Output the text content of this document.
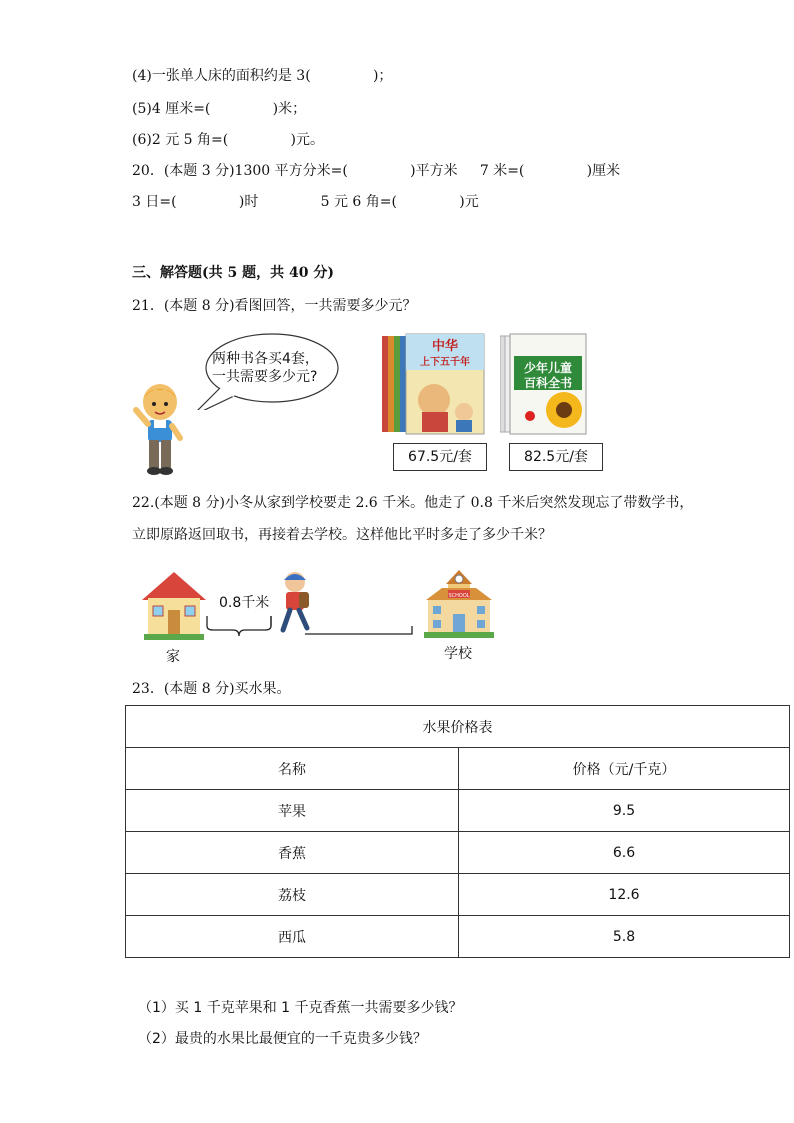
(4)一张单人床的面积约是 3(              )；
(5)4 厘米=(              )米；
(6)2 元 5 角=(              )元。
20．(本题 3 分)1300 平方分米=(              )平方米     7 米=(              )厘米
3 日=(              )时              5 元 6 角=(              )元
三、解答题(共 5 题，共 40 分)
21．(本题 8 分)看图回答，一共需要多少元？
两种书各买4套，
一共需要多少元?
中华
上下五千年	少年儿童
百科全书
67.5元/套	82.5元/套
22.(本题 8 分)小冬从家到学校要走 2.6 千米。他走了 0.8 千米后突然发现忘了带数学书，
立即原路返回取书，再接着去学校。这样他比平时多走了多少千米？
家
0.8千米	SCHOOL
学校
23．(本题 8 分)买水果。
水果价格表	
名称	价格（元/千克）
苹果	9.5
香蕉	6.6
荔枝	12.6
西瓜	5.8
（1）买 1 千克苹果和 1 千克香蕉一共需要多少钱？
（2）最贵的水果比最便宜的一千克贵多少钱？
